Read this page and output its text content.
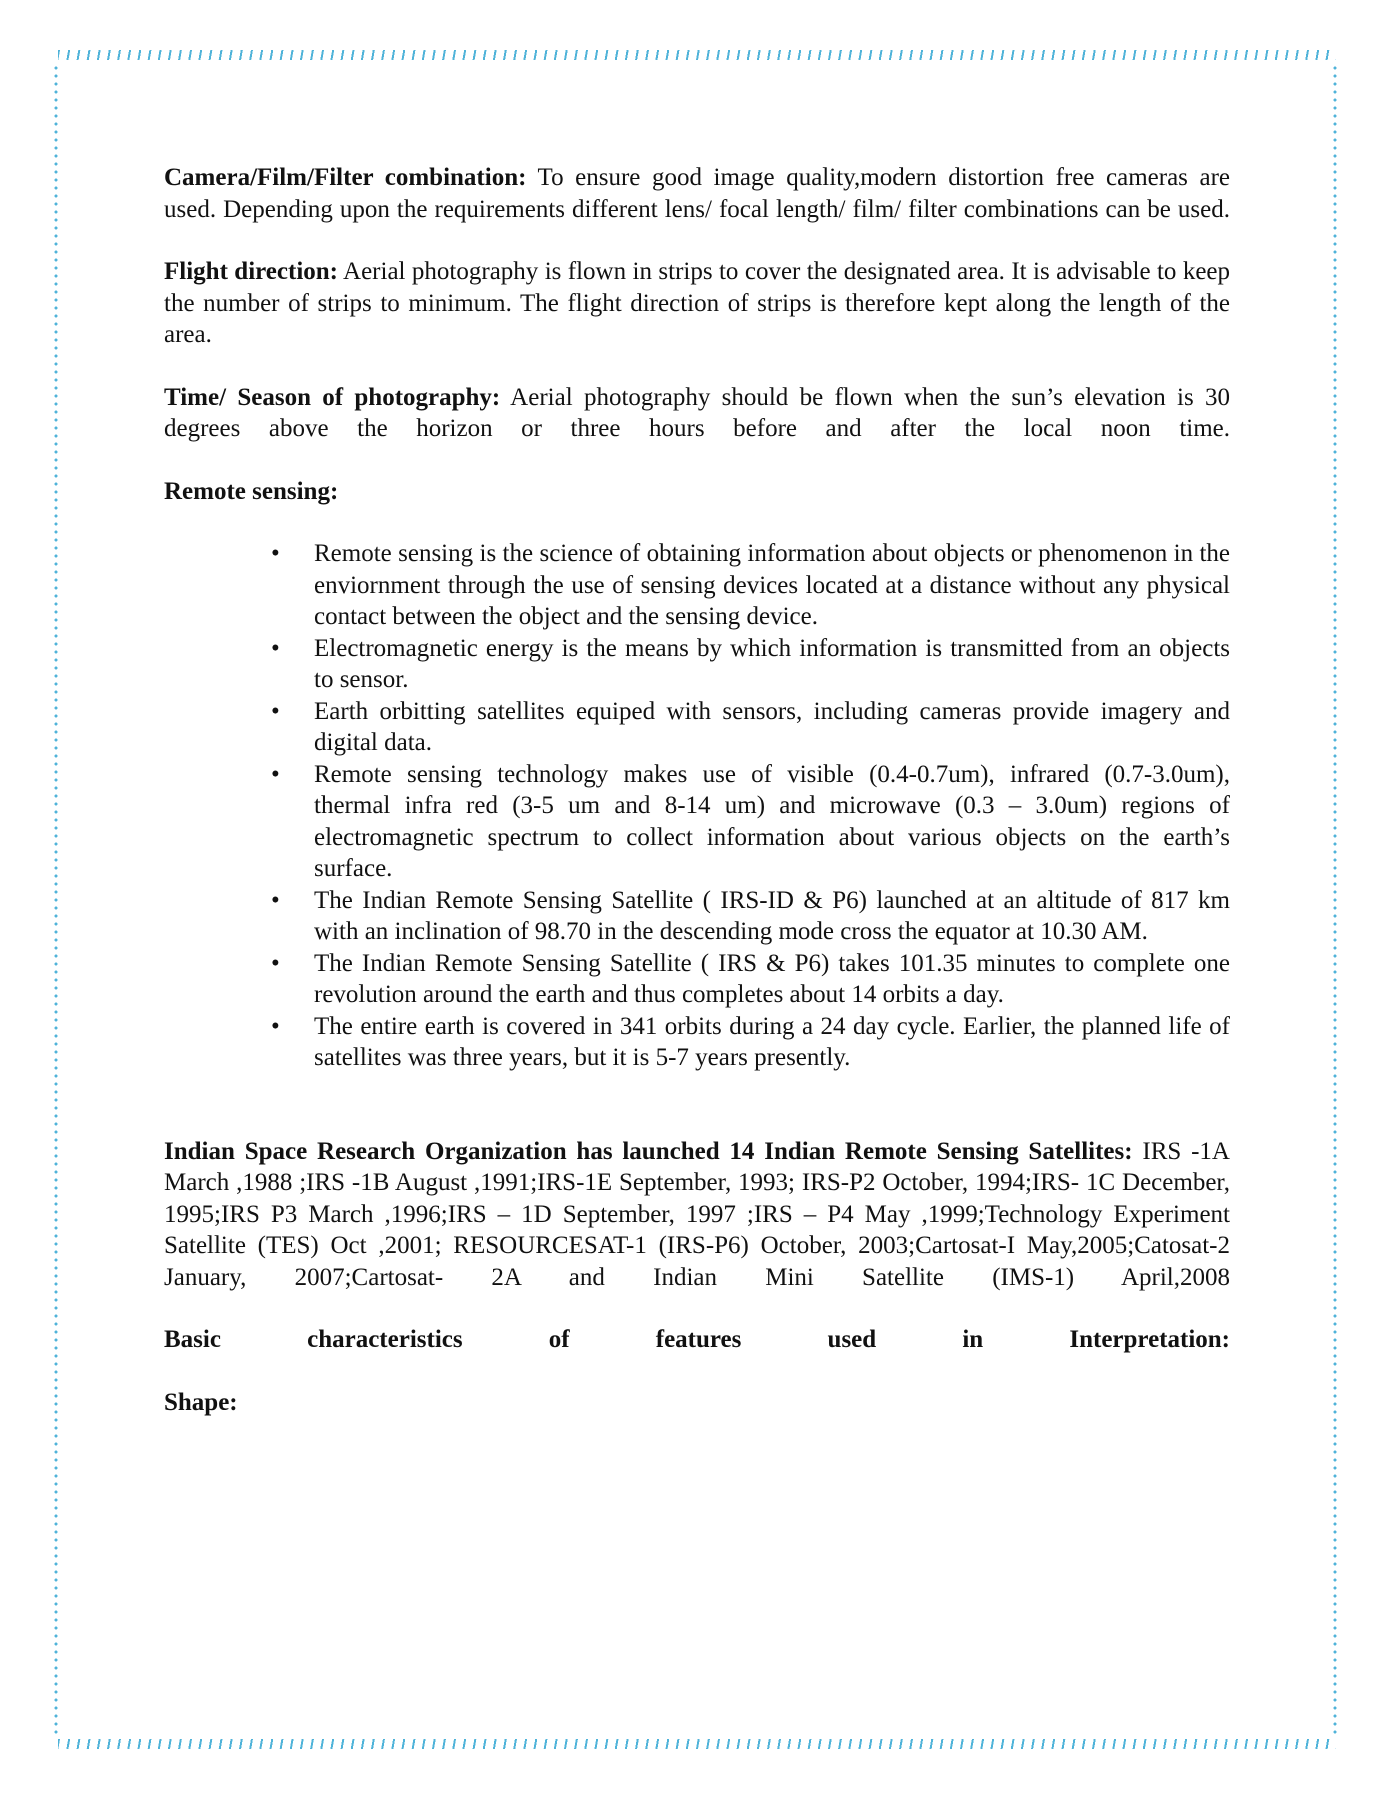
Camera/Film/Filter combination: To ensure good image quality,modern distortion free cameras are used. Depending upon the requirements different lens/ focal length/ film/ filter combinations can be used.

Flight direction: Aerial photography is flown in strips to cover the designated area. It is advisable to keep the number of strips to minimum. The flight direction of strips is therefore kept along the length of the area.

Time/ Season of photography: Aerial photography should be flown when the sun’s elevation is 30 degrees above the horizon or three hours before and after the local noon time.

Remote sensing:

• Remote sensing is the science of obtaining information about objects or phenomenon in the enviornment through the use of sensing devices located at a distance without any physical contact between the object and the sensing device.
• Electromagnetic energy is the means by which information is transmitted from an objects to sensor.
• Earth orbitting satellites equiped with sensors, including cameras provide imagery and digital data.
• Remote sensing technology makes use of visible (0.4-0.7um), infrared (0.7-3.0um), thermal infra red (3-5 um and 8-14 um) and microwave (0.3 – 3.0um) regions of electromagnetic spectrum to collect information about various objects on the earth’s surface.
• The Indian Remote Sensing Satellite ( IRS-ID & P6) launched at an altitude of 817 km with an inclination of 98.70 in the descending mode cross the equator at 10.30 AM.
• The Indian Remote Sensing Satellite ( IRS & P6) takes 101.35 minutes to complete one revolution around the earth and thus completes about 14 orbits a day.
• The entire earth is covered in 341 orbits during a 24 day cycle. Earlier, the planned life of satellites was three years, but it is 5-7 years presently.

Indian Space Research Organization has launched 14 Indian Remote Sensing Satellites: IRS -1A March ,1988 ;IRS -1B August ,1991;IRS-1E September, 1993; IRS-P2 October, 1994;IRS- 1C December, 1995;IRS P3 March ,1996;IRS – 1D September, 1997 ;IRS – P4 May ,1999;Technology Experiment Satellite (TES) Oct ,2001; RESOURCESAT-1 (IRS-P6) October, 2003;Cartosat-I May,2005;Catosat-2 January, 2007;Cartosat- 2A and Indian Mini Satellite (IMS-1) April,2008

Basic characteristics of features used in Interpretation:

Shape:
